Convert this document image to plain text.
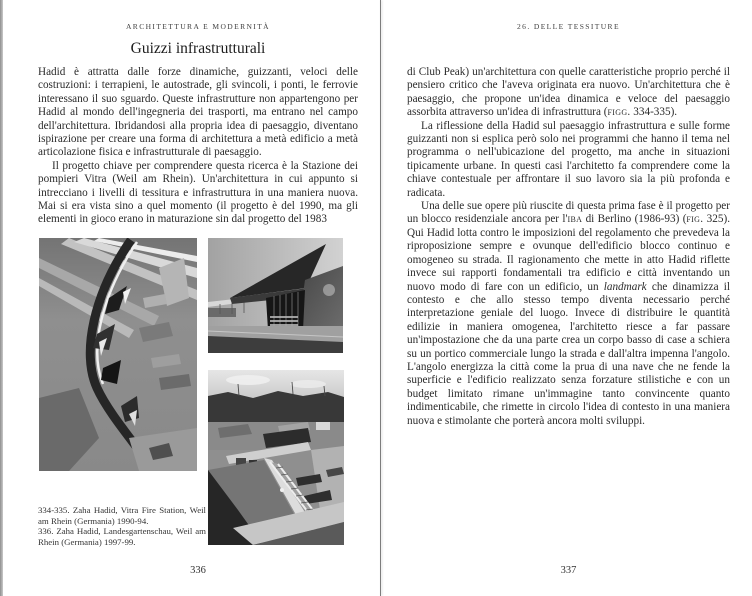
ARCHITETTURA E MODERNITÀ
Guizzi infrastrutturali

Hadid è attratta dalle forze dinamiche, guizzanti, veloci delle costruzioni: i terrapieni, le autostrade, gli svincoli, i ponti, le ferrovie interessano il suo sguardo. Queste infrastrutture non appartengono per Hadid al mondo dell'ingegneria dei trasporti, ma entrano nel campo dell'architettura. Ibridandosi alla propria idea di paesaggio, diventano ispirazione per creare una forma di architettura a metà edificio a metà articolazione fisica e infrastrutturale di paesaggio.

Il progetto chiave per comprendere questa ricerca è la Stazione dei pompieri Vitra (Weil am Rhein). Un'architettura in cui appunto si intrecciano i livelli di tessitura e infrastruttura in una maniera nuova. Mai si era vista sino a quel momento (il progetto è del 1990, ma gli elementi in gioco erano in maturazione sin dal progetto del 1983

334-335. Zaha Hadid, Vitra Fire Station, Weil am Rhein (Germania) 1990-94.

336. Zaha Hadid, Landesgartenschau, Weil am Rhein (Germania) 1997-99.

336
26. DELLE TESSITURE

di Club Peak) un'architettura con quelle caratteristiche proprio perché il pensiero critico che l'aveva originata era nuovo. Un'architettura che è paesaggio, che propone un'idea dinamica e veloce del paesaggio assorbita attraverso un'idea di infrastruttura (figg. 334-335).

La riflessione della Hadid sul paesaggio infrastruttura e sulle forme guizzanti non si esplica però solo nei programmi che hanno il tema nel programma o nell'ubicazione del progetto, ma anche in situazioni tipicamente urbane. In questi casi l'architetto fa comprendere come la chiave contestuale per affrontare il suo lavoro sia la più profonda e radicata.

Una delle sue opere più riuscite di questa prima fase è il progetto per un blocco residenziale ancora per l'iba di Berlino (1986-93) (fig. 325). Qui Hadid lotta contro le imposizioni del regolamento che prevedeva la riproposizione sempre e ovunque dell'edificio blocco continuo e omogeneo su strada. Il ragionamento che mette in atto Hadid riflette invece sui rapporti fondamentali tra edificio e città inventando un nuovo modo di fare con un edificio, un landmark che dinamizza il contesto e che allo stesso tempo diventa necessario perché interpretazione geniale del luogo. Invece di distribuire le quantità edilizie in maniera omogenea, l'architetto riesce a far passare un'impostazione che da una parte crea un corpo basso di case a schiera su un portico commerciale lungo la strada e dall'altra impenna l'angolo. L'angolo energizza la città come la prua di una nave che ne fende la superficie e l'edificio realizzato senza forzature stilistiche e con un budget limitato rimane un'immagine tanto convincente quanto indimenticabile, che rimette in circolo l'idea di contesto in una maniera nuova e stimolante che porterà ancora molti sviluppi.

337
